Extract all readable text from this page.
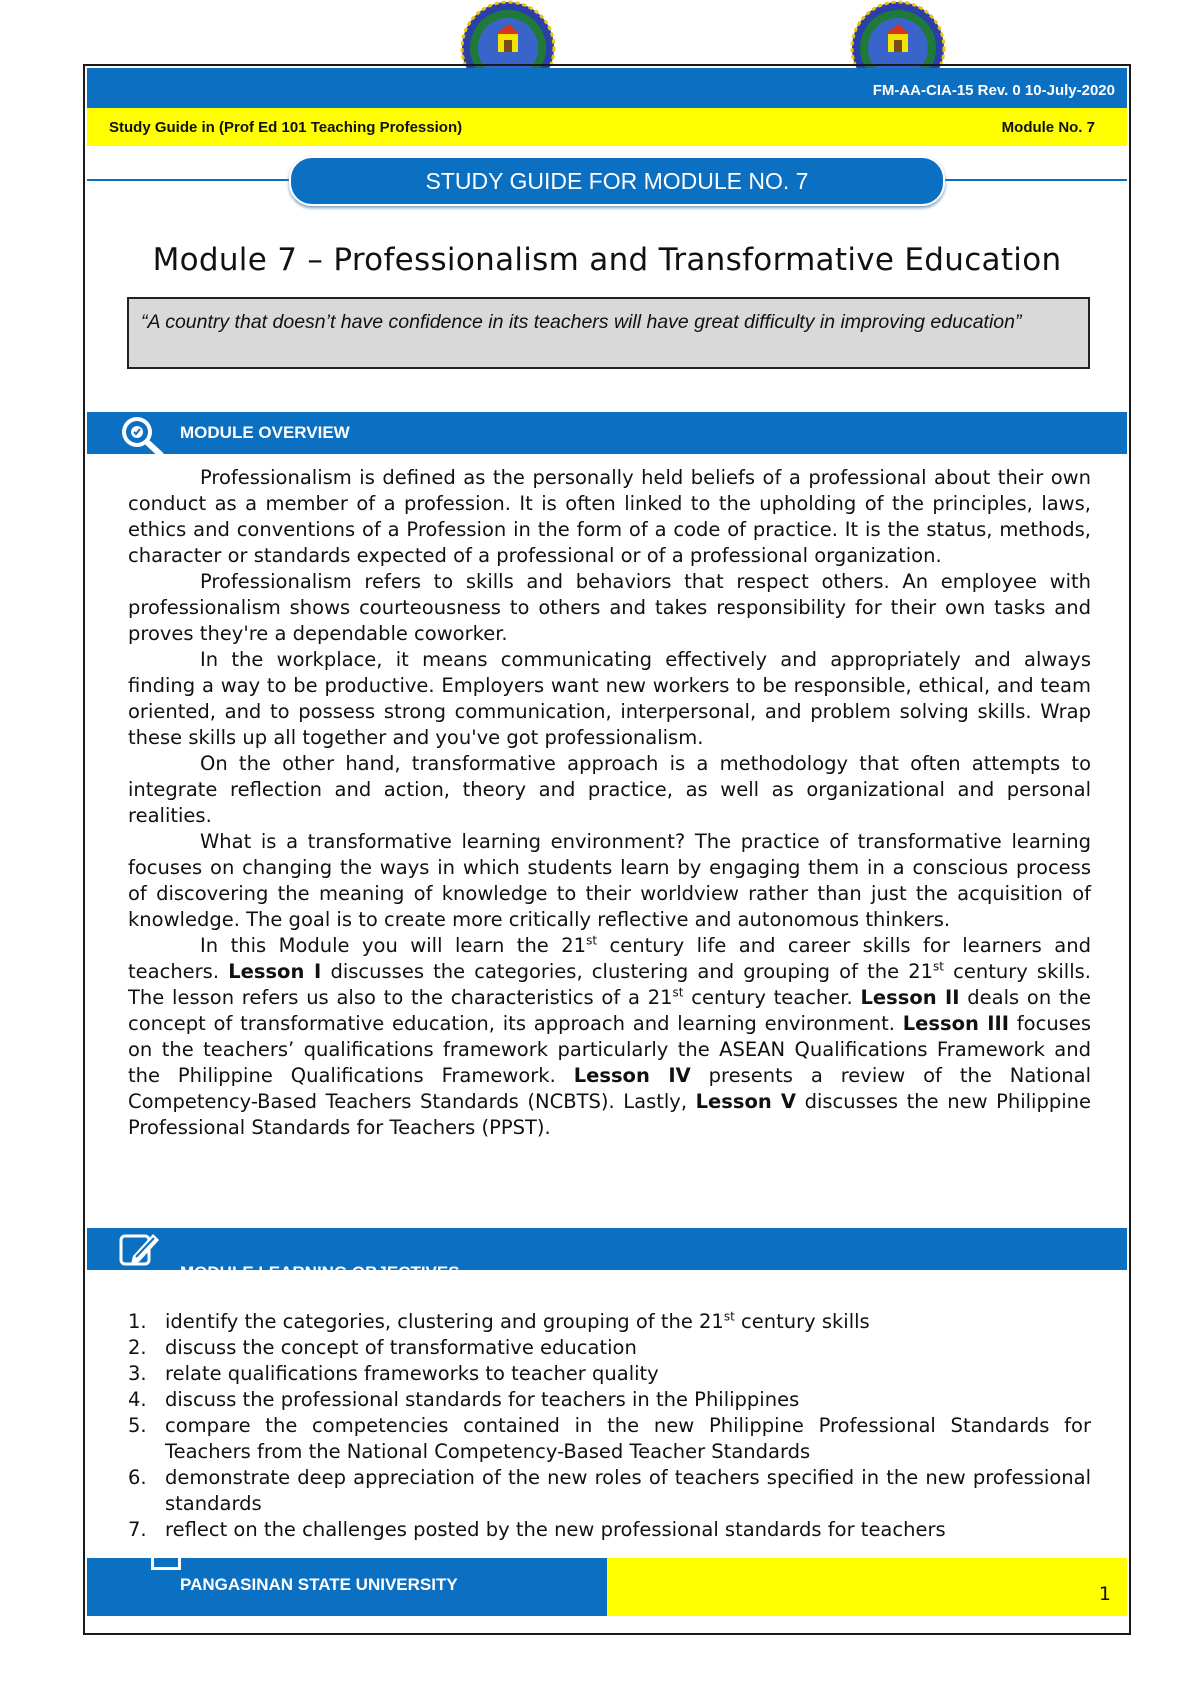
FM-AA-CIA-15 Rev. 0 10-July-2020
Study Guide in (Prof Ed 101 Teaching Profession)	Module No. 7
STUDY GUIDE FOR MODULE NO. 7
Module 7 – Professionalism and Transformative Education
“A country that doesn’t have confidence in its teachers will have great difficulty in improving education”
MODULE OVERVIEW

Professionalism is defined as the personally held beliefs of a professional about their own conduct as a member of a profession. It is often linked to the upholding of the principles, laws, ethics and conventions of a Profession in the form of a code of practice. It is the status, methods, character or standards expected of a professional or of a professional organization.

Professionalism refers to skills and behaviors that respect others. An employee with professionalism shows courteousness to others and takes responsibility for their own tasks and proves they're a dependable coworker.

In the workplace, it means communicating effectively and appropriately and always finding a way to be productive. Employers want new workers to be responsible, ethical, and team oriented, and to possess strong communication, interpersonal, and problem solving skills. Wrap these skills up all together and you've got professionalism.

On the other hand, transformative approach is a methodology that often attempts to integrate reflection and action, theory and practice, as well as organizational and personal realities.

What is a transformative learning environment? The practice of transformative learning focuses on changing the ways in which students learn by engaging them in a conscious process of discovering the meaning of knowledge to their worldview rather than just the acquisition of knowledge. The goal is to create more critically reflective and autonomous thinkers.

In this Module you will learn the 21st century life and career skills for learners and teachers. Lesson I discusses the categories, clustering and grouping of the 21st century skills. The lesson refers us also to the characteristics of a 21st century teacher. Lesson II deals on the concept of transformative education, its approach and learning environment. Lesson III focuses on the teachers’ qualifications framework particularly the ASEAN Qualifications Framework and the Philippine Qualifications Framework. Lesson IV presents a review of the National Competency-Based Teachers Standards (NCBTS). Lastly, Lesson V discusses the new Philippine Professional Standards for Teachers (PPST).

MODULE LEARNING OBJECTIVES
1. identify the categories, clustering and grouping of the 21st century skills
2. discuss the concept of transformative education
3. relate qualifications frameworks to teacher quality
4. discuss the professional standards for teachers in the Philippines
5. compare the competencies contained in the new Philippine Professional Standards for Teachers from the National Competency-Based Teacher Standards
6. demonstrate deep appreciation of the new roles of teachers specified in the new professional standards
7. reflect on the challenges posted by the new professional standards for teachers
PANGASINAN STATE UNIVERSITY	1
